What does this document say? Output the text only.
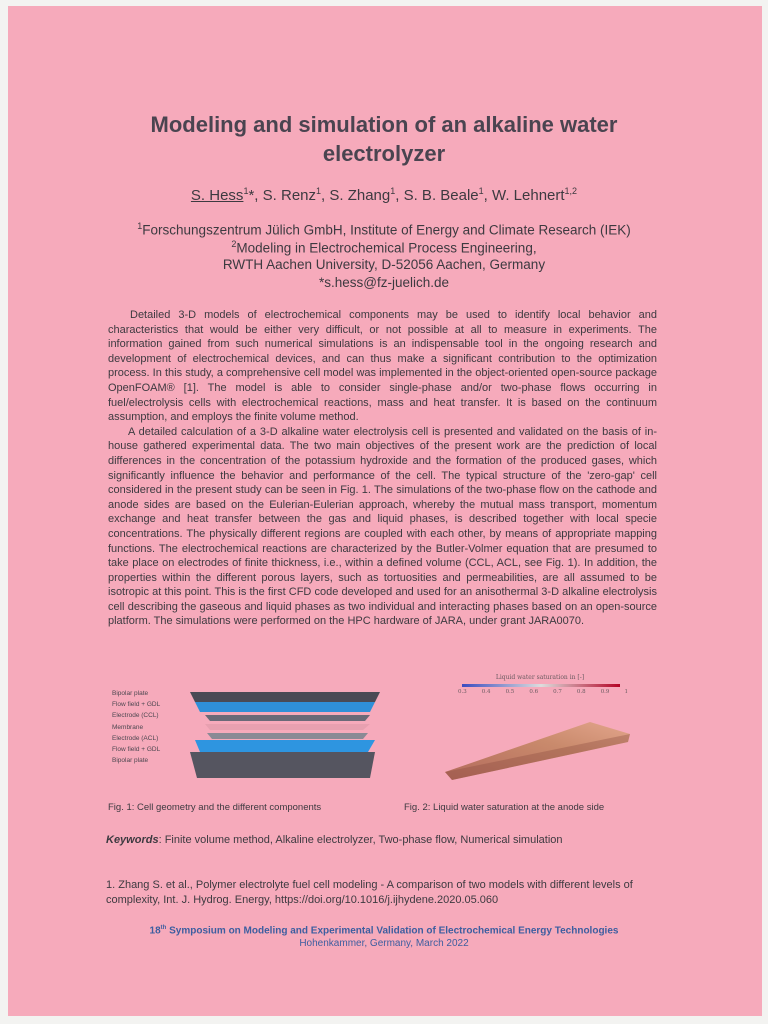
Modeling and simulation of an alkaline water
electrolyzer
S. Hess$^1$*, S. Renz$^1$, S. Zhang$^1$, S. B. Beale$^1$, W. Lehnert$^{1,2}$
$^1$Forschungszentrum Jülich GmbH, Institute of Energy and Climate Research (IEK)
$^2$Modeling in Electrochemical Process Engineering,
RWTH Aachen University, D-52056 Aachen, Germany
*s.hess@fz-juelich.de

Detailed 3-D models of electrochemical components may be used to identify local behavior and characteristics that would be either very difficult, or not possible at all to measure in experiments. The information gained from such numerical simulations is an indispensable tool in the ongoing research and development of electrochemical devices, and can thus make a significant contribution to the optimization process. In this study, a comprehensive cell model was implemented in the object-oriented open-source package OpenFOAM® [1]. The model is able to consider single-phase and/or two-phase flows occurring in fuel/electrolysis cells with electrochemical reactions, mass and heat transfer. It is based on the continuum assumption, and employs the finite volume method.

A detailed calculation of a 3-D alkaline water electrolysis cell is presented and validated on the basis of in-house gathered experimental data. The two main objectives of the present work are the prediction of local differences in the concentration of the potassium hydroxide and the formation of the produced gases, which significantly influence the behavior and performance of the cell. The typical structure of the 'zero-gap' cell considered in the present study can be seen in Fig. 1. The simulations of the two-phase flow on the cathode and anode sides are based on the Eulerian-Eulerian approach, whereby the mutual mass transport, momentum exchange and heat transfer between the gas and liquid phases, is described together with local specie concentrations. The physically different regions are coupled with each other, by means of appropriate mapping functions. The electrochemical reactions are characterized by the Butler-Volmer equation that are presumed to take place on electrodes of finite thickness, i.e., within a defined volume (CCL, ACL, see Fig. 1). In addition, the properties within the different porous layers, such as tortuosities and permeabilities, are all assumed to be isotropic at this point. This is the first CFD code developed and used for an anisothermal 3-D alkaline electrolysis cell describing the gaseous and liquid phases as two individual and interacting phases based on an open-source platform. The simulations were performed on the HPC hardware of JARA, under grant JARA0070.

Bipolar plate
Flow field + GDL
Electrode (CCL)
Membrane
Electrode (ACL)
Flow field + GDL
Bipolar plate
Liquid water saturation in [-]
0.3	0.4	0.5	0.6	0.7	0.8	0.9	1
Fig. 1: Cell geometry and the different components	Fig. 2: Liquid water saturation at the anode side
Keywords: Finite volume method, Alkaline electrolyzer, Two-phase flow, Numerical simulation
1. Zhang S. et al., Polymer electrolyte fuel cell modeling - A comparison of two models with different levels of complexity, Int. J. Hydrog. Energy, https://doi.org/10.1016/j.ijhydene.2020.05.060
18th Symposium on Modeling and Experimental Validation of Electrochemical Energy Technologies
Hohenkammer, Germany, March 2022
